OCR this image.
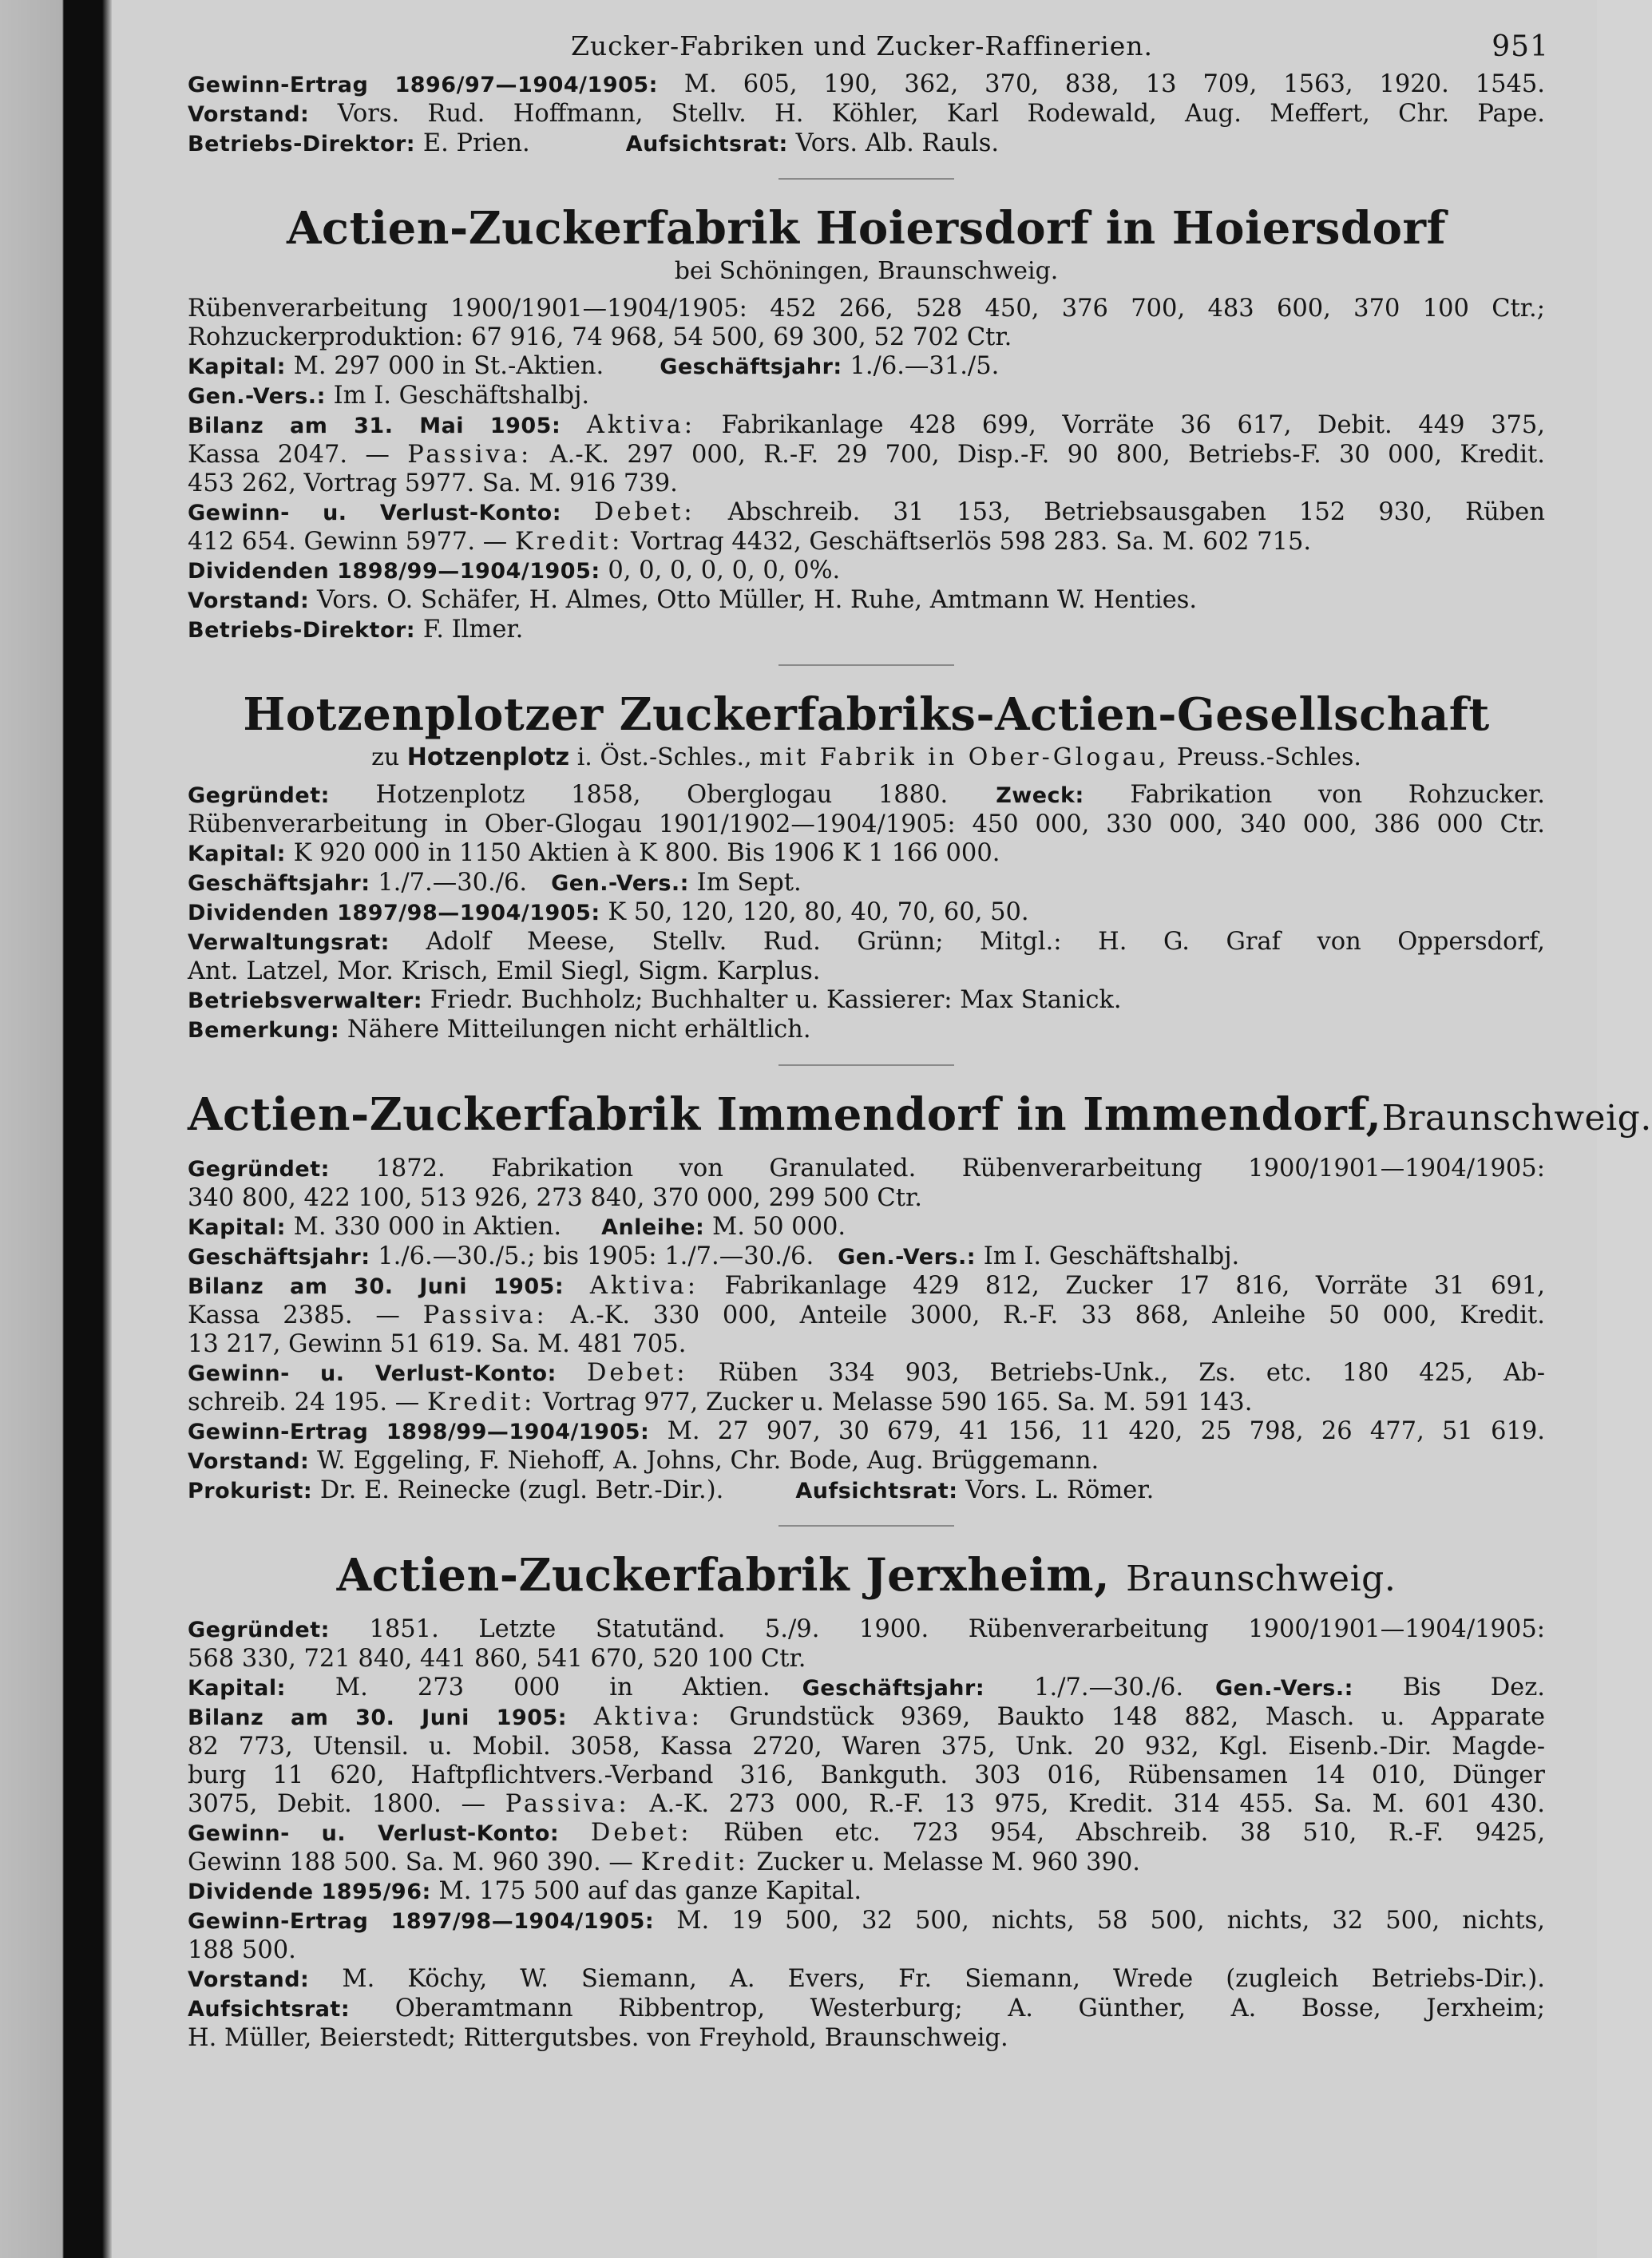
Zucker-Fabriken und Zucker-Raffinerien.	951
Gewinn-Ertrag 1896/97—1904/1905: M. 605, 190, 362, 370, 838, 13 709, 1563, 1920. 1545.
Vorstand: Vors. Rud. Hoffmann, Stellv. H. Köhler, Karl Rodewald, Aug. Meffert, Chr. Pape.
Betriebs-Direktor: E. Prien.	Aufsichtsrat: Vors. Alb. Rauls.
Actien-Zuckerfabrik Hoiersdorf in Hoiersdorf
bei Schöningen, Braunschweig.
Rübenverarbeitung 1900/1901—1904/1905: 452 266, 528 450, 376 700, 483 600, 370 100 Ctr.;
Rohzuckerproduktion: 67 916, 74 968, 54 500, 69 300, 52 702 Ctr.
Kapital: M. 297 000 in St.-Aktien.	Geschäftsjahr: 1./6.—31./5.
Gen.-Vers.: Im I. Geschäftshalbj.
Bilanz am 31. Mai 1905: Aktiva: Fabrikanlage 428 699, Vorräte 36 617, Debit. 449 375,
Kassa 2047. — Passiva: A.-K. 297 000, R.-F. 29 700, Disp.-F. 90 800, Betriebs-F. 30 000, Kredit.
453 262, Vortrag 5977. Sa. M. 916 739.
Gewinn- u. Verlust-Konto: Debet: Abschreib. 31 153, Betriebsausgaben 152 930, Rüben
412 654. Gewinn 5977. — Kredit: Vortrag 4432, Geschäftserlös 598 283. Sa. M. 602 715.
Dividenden 1898/99—1904/1905: 0, 0, 0, 0, 0, 0, 0%.
Vorstand: Vors. O. Schäfer, H. Almes, Otto Müller, H. Ruhe, Amtmann W. Henties.
Betriebs-Direktor: F. Ilmer.
Hotzenplotzer Zuckerfabriks-Actien-Gesellschaft
zu Hotzenplotz i. Öst.-Schles., mit Fabrik in Ober-Glogau, Preuss.-Schles.
Gegründet: Hotzenplotz 1858, Oberglogau 1880. Zweck: Fabrikation von Rohzucker.
Rübenverarbeitung in Ober-Glogau 1901/1902—1904/1905: 450 000, 330 000, 340 000, 386 000 Ctr.
Kapital: K 920 000 in 1150 Aktien à K 800. Bis 1906 K 1 166 000.
Geschäftsjahr: 1./7.—30./6. Gen.-Vers.: Im Sept.
Dividenden 1897/98—1904/1905: K 50, 120, 120, 80, 40, 70, 60, 50.
Verwaltungsrat: Adolf Meese, Stellv. Rud. Grünn; Mitgl.: H. G. Graf von Oppersdorf,
Ant. Latzel, Mor. Krisch, Emil Siegl, Sigm. Karplus.
Betriebsverwalter: Friedr. Buchholz; Buchhalter u. Kassierer: Max Stanick.
Bemerkung: Nähere Mitteilungen nicht erhältlich.
Actien-Zuckerfabrik Immendorf in Immendorf,Braunschweig.
Gegründet: 1872. Fabrikation von Granulated. Rübenverarbeitung 1900/1901—1904/1905:
340 800, 422 100, 513 926, 273 840, 370 000, 299 500 Ctr.
Kapital: M. 330 000 in Aktien. Anleihe: M. 50 000.
Geschäftsjahr: 1./6.—30./5.; bis 1905: 1./7.—30./6. Gen.-Vers.: Im I. Geschäftshalbj.
Bilanz am 30. Juni 1905: Aktiva: Fabrikanlage 429 812, Zucker 17 816, Vorräte 31 691,
Kassa 2385. — Passiva: A.-K. 330 000, Anteile 3000, R.-F. 33 868, Anleihe 50 000, Kredit.
13 217, Gewinn 51 619. Sa. M. 481 705.
Gewinn- u. Verlust-Konto: Debet: Rüben 334 903, Betriebs-Unk., Zs. etc. 180 425, Ab-
schreib. 24 195. — Kredit: Vortrag 977, Zucker u. Melasse 590 165. Sa. M. 591 143.
Gewinn-Ertrag 1898/99—1904/1905: M. 27 907, 30 679, 41 156, 11 420, 25 798, 26 477, 51 619.
Vorstand: W. Eggeling, F. Niehoff, A. Johns, Chr. Bode, Aug. Brüggemann.
Prokurist: Dr. E. Reinecke (zugl. Betr.-Dir.).	Aufsichtsrat: Vors. L. Römer.
Actien-Zuckerfabrik Jerxheim, Braunschweig.
Gegründet: 1851. Letzte Statutänd. 5./9. 1900. Rübenverarbeitung 1900/1901—1904/1905:
568 330, 721 840, 441 860, 541 670, 520 100 Ctr.
Kapital: M. 273 000 in Aktien. Geschäftsjahr: 1./7.—30./6. Gen.-Vers.: Bis Dez.
Bilanz am 30. Juni 1905: Aktiva: Grundstück 9369, Baukto 148 882, Masch. u. Apparate
82 773, Utensil. u. Mobil. 3058, Kassa 2720, Waren 375, Unk. 20 932, Kgl. Eisenb.-Dir. Magde-
burg 11 620, Haftpflichtvers.-Verband 316, Bankguth. 303 016, Rübensamen 14 010, Dünger
3075, Debit. 1800. — Passiva: A.-K. 273 000, R.-F. 13 975, Kredit. 314 455. Sa. M. 601 430.
Gewinn- u. Verlust-Konto: Debet: Rüben etc. 723 954, Abschreib. 38 510, R.-F. 9425,
Gewinn 188 500. Sa. M. 960 390. — Kredit: Zucker u. Melasse M. 960 390.
Dividende 1895/96: M. 175 500 auf das ganze Kapital.
Gewinn-Ertrag 1897/98—1904/1905: M. 19 500, 32 500, nichts, 58 500, nichts, 32 500, nichts,
188 500.
Vorstand: M. Köchy, W. Siemann, A. Evers, Fr. Siemann, Wrede (zugleich Betriebs-Dir.).
Aufsichtsrat: Oberamtmann Ribbentrop, Westerburg; A. Günther, A. Bosse, Jerxheim;
H. Müller, Beierstedt; Rittergutsbes. von Freyhold, Braunschweig.
